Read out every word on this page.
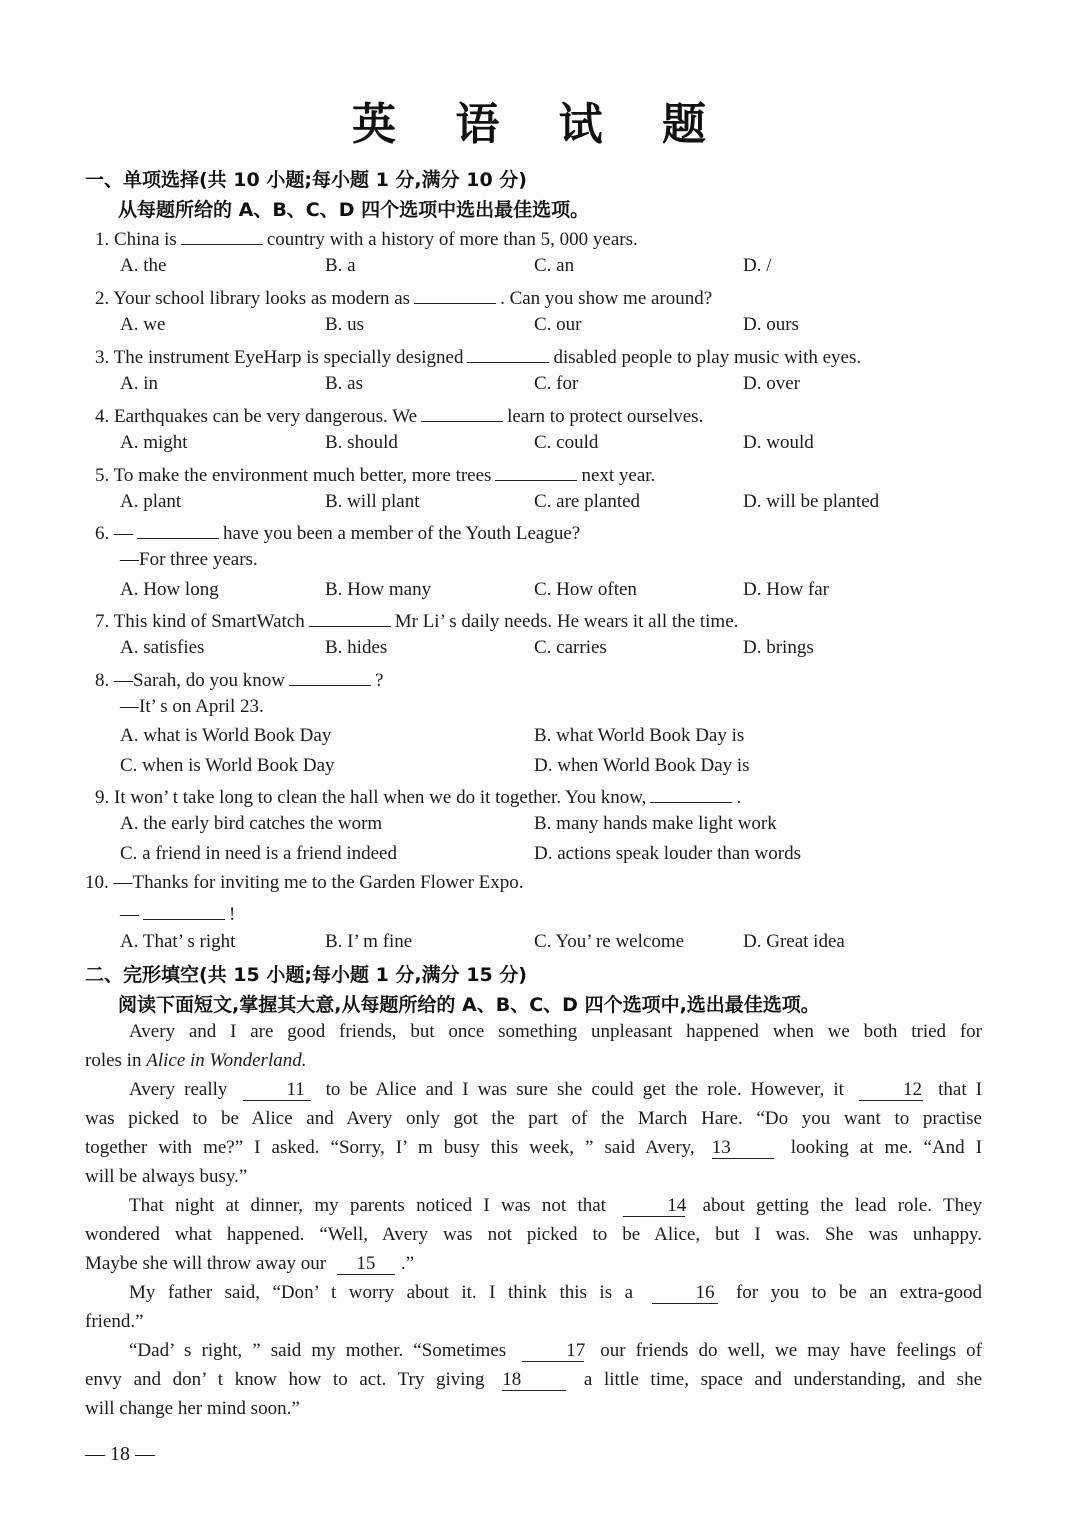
英 语 试 题
一、单项选择(共 10 小题;每小题 1 分,满分 10 分)
从每题所给的 A、B、C、D 四个选项中选出最佳选项。
1. China is	country with a history of more than 5, 000 years.
A. the	B. a	C. an	D. /
2. Your school library looks as modern as	. Can you show me around?
A. we	B. us	C. our	D. ours
3. The instrument EyeHarp is specially designed	disabled people to play music with eyes.
A. in	B. as	C. for	D. over
4. Earthquakes can be very dangerous. We	learn to protect ourselves.
A. might	B. should	C. could	D. would
5. To make the environment much better, more trees	next year.
A. plant	B. will plant	C. are planted	D. will be planted
6. —	have you been a member of the Youth League?
—For three years.
A. How long	B. How many	C. How often	D. How far
7. This kind of SmartWatch	Mr Li’ s daily needs. He wears it all the time.
A. satisfies	B. hides	C. carries	D. brings
8. —Sarah, do you know	?
—It’ s on April 23.
A. what is World Book Day	B. what World Book Day is
C. when is World Book Day	D. when World Book Day is
9. It won’ t take long to clean the hall when we do it together. You know,	.
A. the early bird catches the worm	B. many hands make light work
C. a friend in need is a friend indeed	D. actions speak louder than words
10. —Thanks for inviting me to the Garden Flower Expo.
—	!
A. That’ s right	B. I’ m fine	C. You’ re welcome	D. Great idea
二、完形填空(共 15 小题;每小题 1 分,满分 15 分)
阅读下面短文,掌握其大意,从每题所给的 A、B、C、D 四个选项中,选出最佳选项。
Avery and I are good friends, but once something unpleasant happened when we both tried for
roles in Alice in Wonderland.
Avery really	11 to be Alice and I was sure she could get the role. However, it	12 that I
was picked to be Alice and Avery only got the part of the March Hare. “Do you want to practise
together with me?” I asked. “Sorry, I’ m busy this week, ” said Avery, 13	looking at me. “And I
will be always busy.”
That night at dinner, my parents noticed I was not that	14 about getting the lead role. They
wondered what happened. “Well, Avery was not picked to be Alice, but I was. She was unhappy.
Maybe she will throw away our 15 .”
My father said, “Don’ t worry about it. I think this is a	16 for you to be an extra-good
friend.”
“Dad’ s right, ” said my mother. “Sometimes	17 our friends do well, we may have feelings of
envy and don’ t know how to act. Try giving 18	a little time, space and understanding, and she
will change her mind soon.”
— 18 —
